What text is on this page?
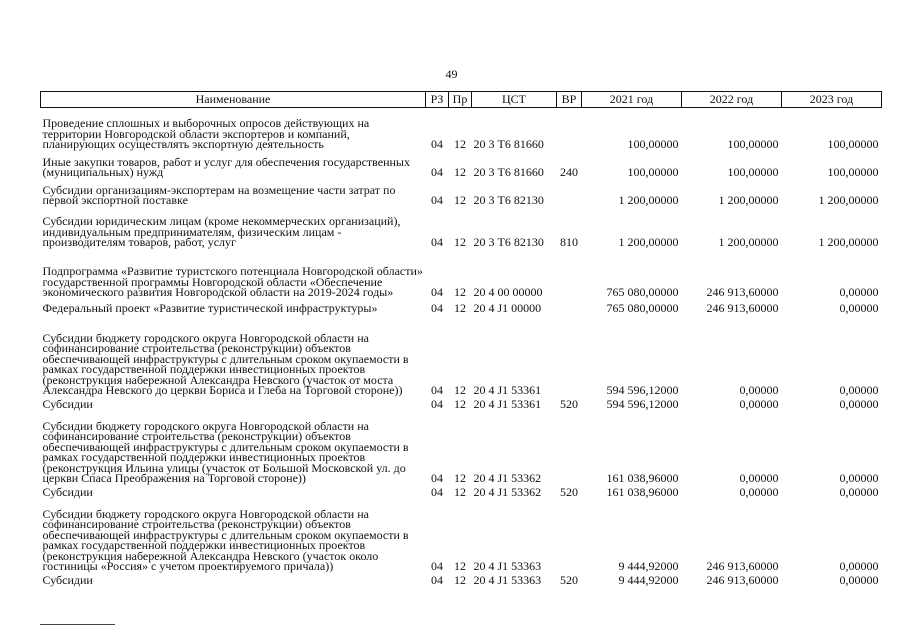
49
Наименование	РЗ	Пр	ЦСТ	ВР	2021 год	2022 год	2023 год
Проведение сплошных и выборочных опросов действующих на территории Новгородской области экспортеров и компаний, планирующих осуществлять экспортную деятельность	04	12	20 3 Т6 81660		100,00000	100,00000	100,00000
Иные закупки товаров, работ и услуг для обеспечения государственных (муниципальных) нужд	04	12	20 3 Т6 81660	240	100,00000	100,00000	100,00000
Субсидии организациям-экспортерам на возмещение части затрат по первой экспортной поставке	04	12	20 3 Т6 82130		1 200,00000	1 200,00000	1 200,00000
Субсидии юридическим лицам (кроме некоммерческих организаций), индивидуальным предпринимателям, физическим лицам - производителям товаров, работ, услуг	04	12	20 3 Т6 82130	810	1 200,00000	1 200,00000	1 200,00000
Подпрограмма «Развитие туристского потенциала Новгородской области» государственной программы Новгородской области «Обеспечение экономического развития Новгородской области на 2019-2024 годы»	04	12	20 4 00 00000		765 080,00000	246 913,60000	0,00000
Федеральный проект «Развитие туристической инфраструктуры»	04	12	20 4 J1 00000		765 080,00000	246 913,60000	0,00000
Субсидии бюджету городского округа Новгородской области на софинансирование строительства (реконструкции) объектов обеспечивающей инфраструктуры с длительным сроком окупаемости в рамках государственной поддержки инвестиционных проектов (реконструкция набережной Александра Невского (участок от моста Александра Невского до церкви Бориса и Глеба на Торговой стороне))	04	12	20 4 J1 53361		594 596,12000	0,00000	0,00000
Субсидии	04	12	20 4 J1 53361	520	594 596,12000	0,00000	0,00000
Субсидии бюджету городского округа Новгородской области на софинансирование строительства (реконструкции) объектов обеспечивающей инфраструктуры с длительным сроком окупаемости в рамках государственной поддержки инвестиционных проектов (реконструкция Ильина улицы (участок от Большой Московской ул. до церкви Спаса Преображения на Торговой стороне))	04	12	20 4 J1 53362		161 038,96000	0,00000	0,00000
Субсидии	04	12	20 4 J1 53362	520	161 038,96000	0,00000	0,00000
Субсидии бюджету городского округа Новгородской области на софинансирование строительства (реконструкции) объектов обеспечивающей инфраструктуры с длительным сроком окупаемости в рамках государственной поддержки инвестиционных проектов (реконструкция набережной Александра Невского (участок около гостиницы «Россия» с учетом проектируемого причала))	04	12	20 4 J1 53363		9 444,92000	246 913,60000	0,00000
Субсидии	04	12	20 4 J1 53363	520	9 444,92000	246 913,60000	0,00000
